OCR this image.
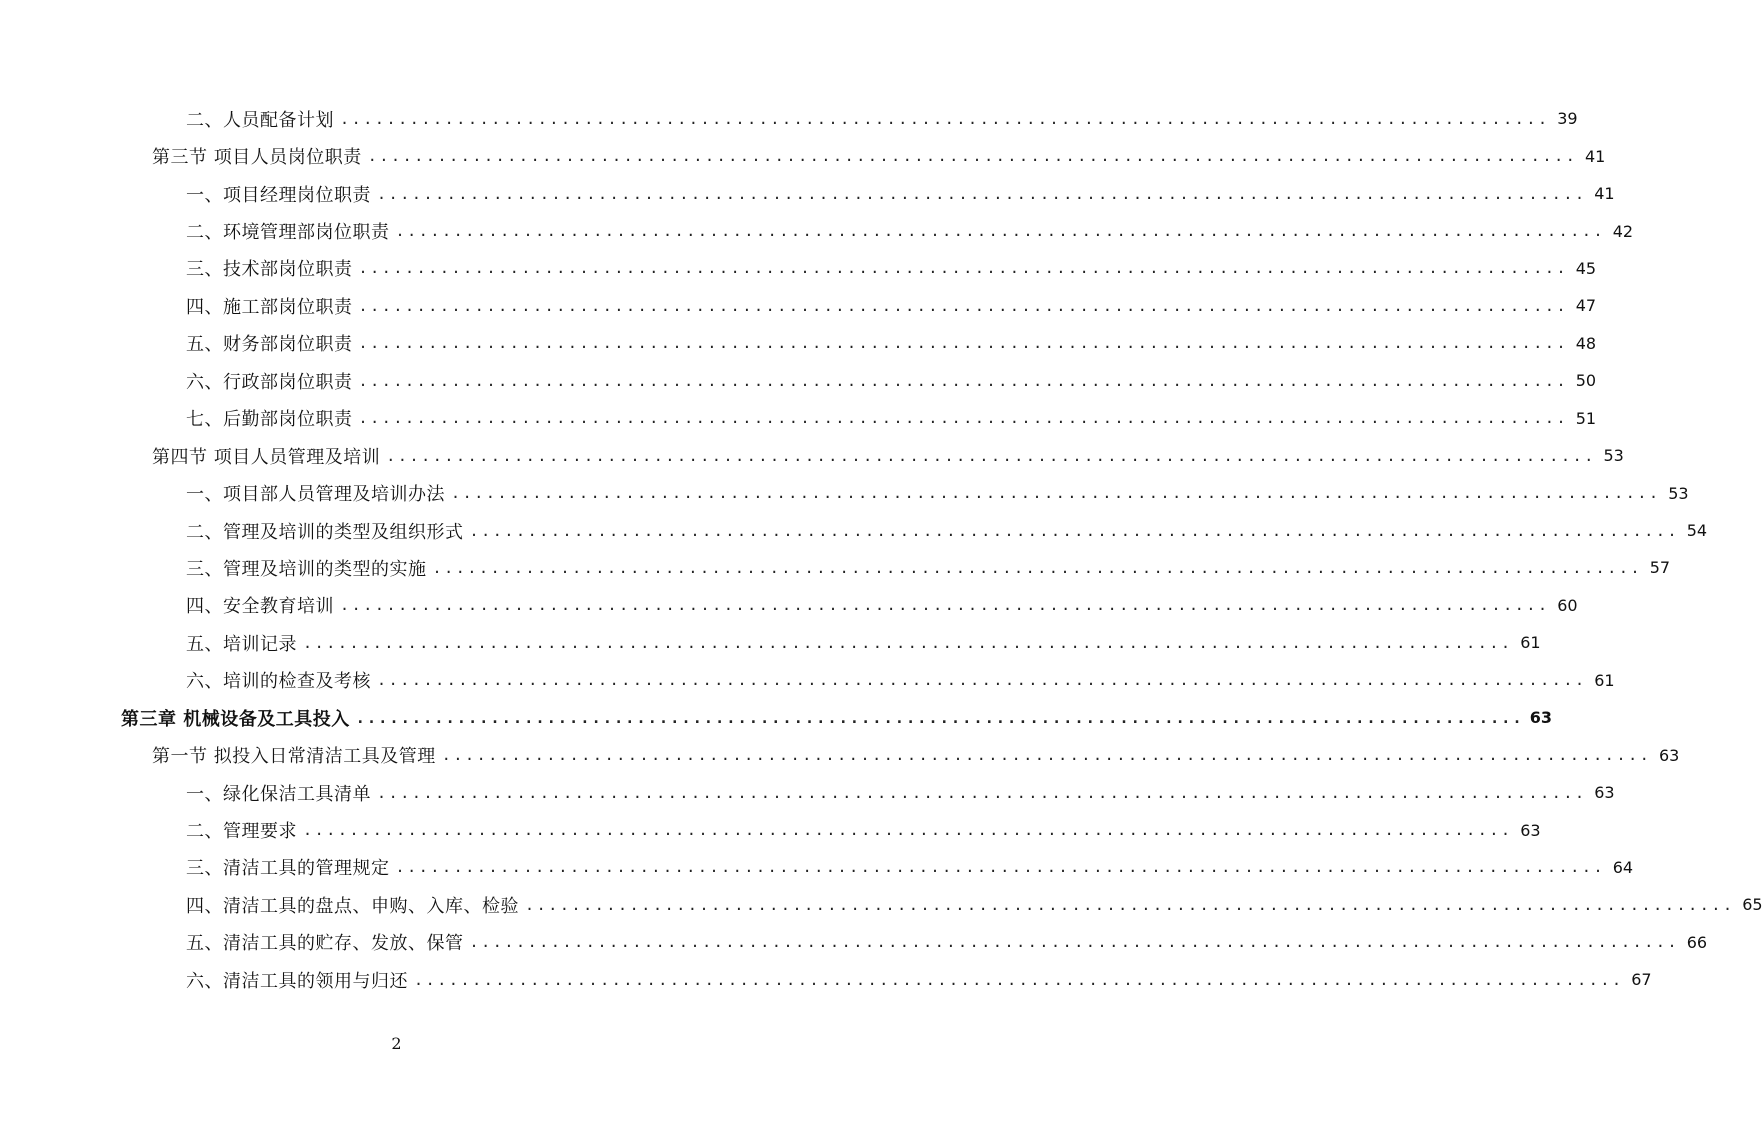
二、人员配备计划 ........................................................................................................ 39
第三节 项目人员岗位职责 ........................................................................................................ 41
一、项目经理岗位职责 ........................................................................................................ 41
二、环境管理部岗位职责 ........................................................................................................ 42
三、技术部岗位职责 ........................................................................................................ 45
四、施工部岗位职责 ........................................................................................................ 47
五、财务部岗位职责 ........................................................................................................ 48
六、行政部岗位职责 ........................................................................................................ 50
七、后勤部岗位职责 ........................................................................................................ 51
第四节 项目人员管理及培训 ........................................................................................................ 53
一、项目部人员管理及培训办法 ........................................................................................................ 53
二、管理及培训的类型及组织形式 ........................................................................................................ 54
三、管理及培训的类型的实施 ........................................................................................................ 57
四、安全教育培训 ........................................................................................................ 60
五、培训记录 ........................................................................................................ 61
六、培训的检查及考核 ........................................................................................................ 61
第三章 机械设备及工具投入 ........................................................................................................ 63
第一节 拟投入日常清洁工具及管理 ........................................................................................................ 63
一、绿化保洁工具清单 ........................................................................................................ 63
二、管理要求 ........................................................................................................ 63
三、清洁工具的管理规定 ........................................................................................................ 64
四、清洁工具的盘点、申购、入库、检验 ........................................................................................................ 65
五、清洁工具的贮存、发放、保管 ........................................................................................................ 66
六、清洁工具的领用与归还 ........................................................................................................ 67
2
